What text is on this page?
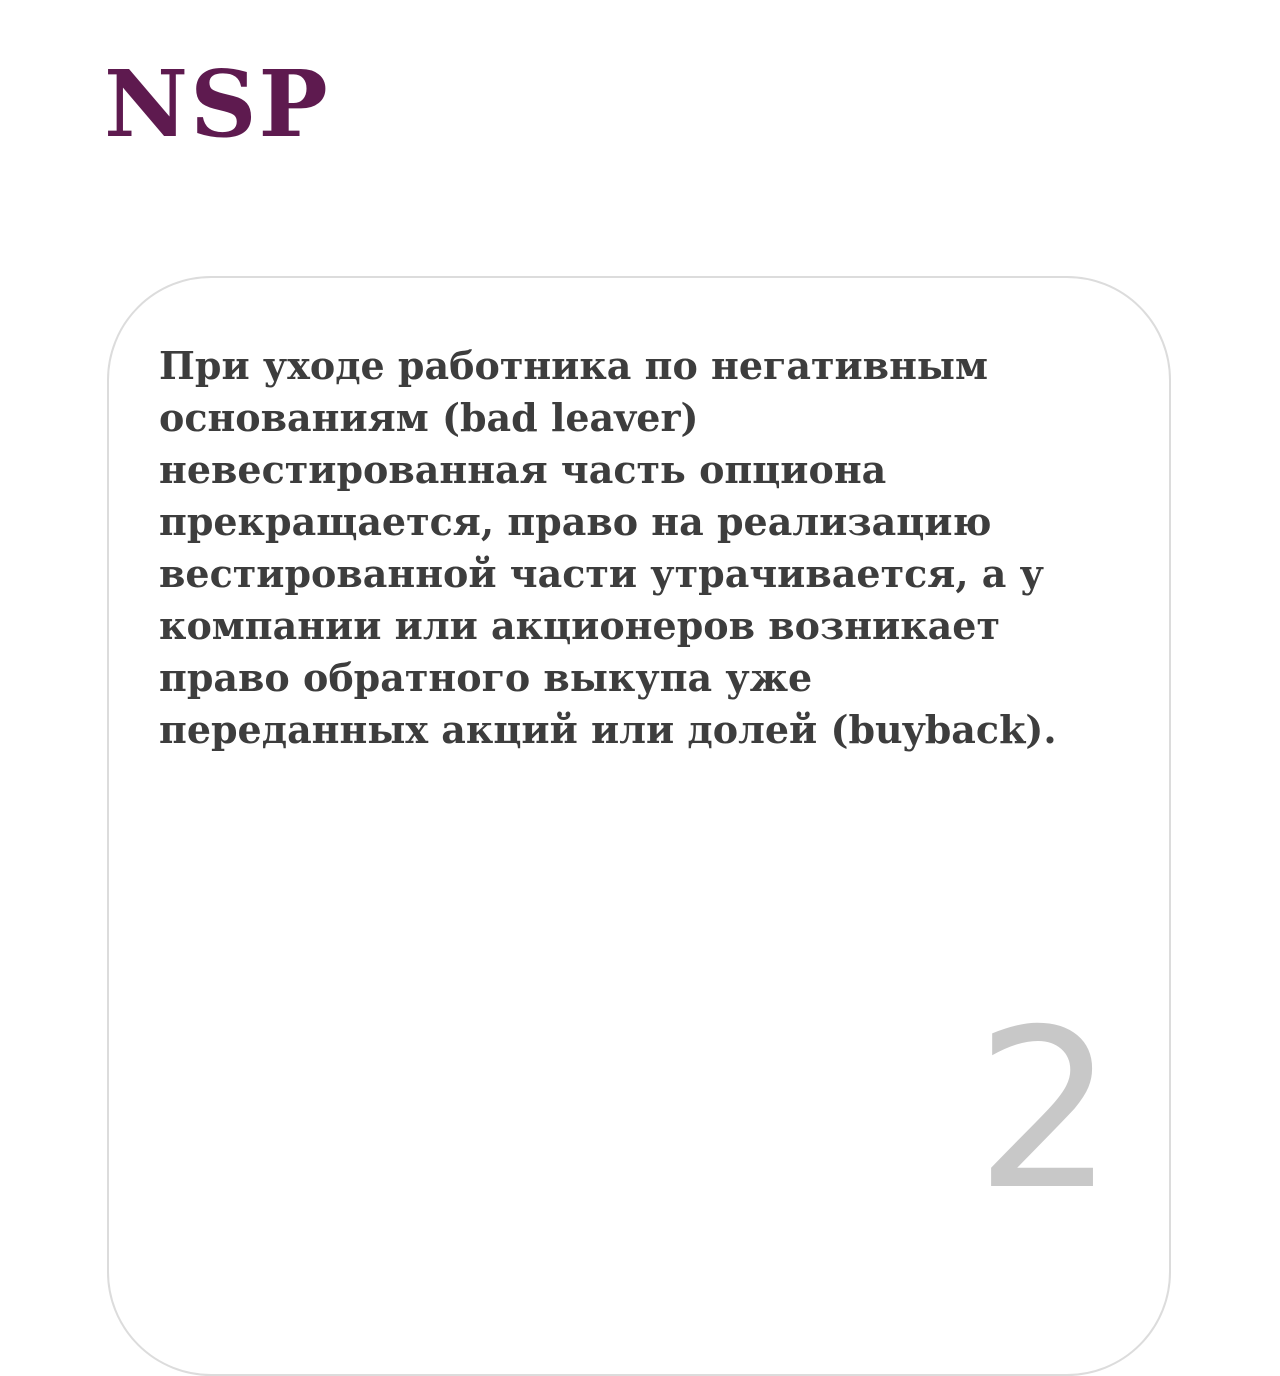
NSP

При уходе работника по негативным
основаниям (bad leaver)
невестированная часть опциона
прекращается, право на реализацию
вестированной части утрачивается, а у
компании или акционеров возникает
право обратного выкупа уже
переданных акций или долей (buyback).

2
